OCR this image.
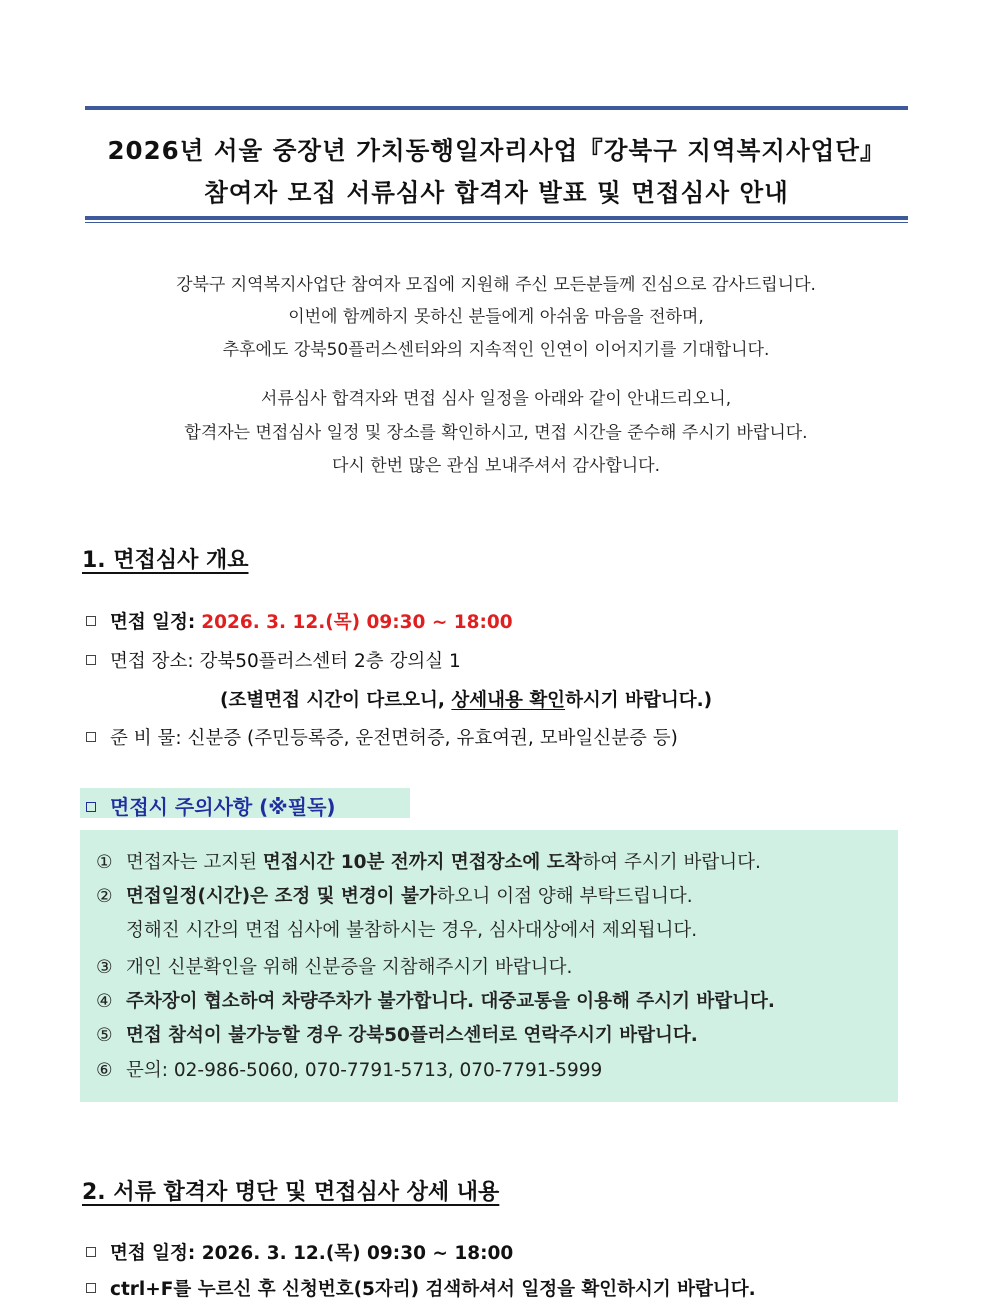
2026년 서울 중장년 가치동행일자리사업『강북구 지역복지사업단』
참여자 모집 서류심사 합격자 발표 및 면접심사 안내
강북구 지역복지사업단 참여자 모집에 지원해 주신 모든분들께 진심으로 감사드립니다.
이번에 함께하지 못하신 분들에게 아쉬움 마음을 전하며,
추후에도 강북50플러스센터와의 지속적인 인연이 이어지기를 기대합니다.
서류심사 합격자와 면접 심사 일정을 아래와 같이 안내드리오니,
합격자는 면접심사 일정 및 장소를 확인하시고, 면접 시간을 준수해 주시기 바랍니다.
다시 한번 많은 관심 보내주셔서 감사합니다.
1. 면접심사 개요
면접 일정: 2026. 3. 12.(목) 09:30 ~ 18:00
면접 장소: 강북50플러스센터 2층 강의실 1
(조별면접 시간이 다르오니, 상세내용 확인하시기 바랍니다.)
준 비 물: 신분증 (주민등록증, 운전면허증, 유효여권, 모바일신분증 등)
면접시 주의사항 (※필독)
① 면접자는 고지된 면접시간 10분 전까지 면접장소에 도착하여 주시기 바랍니다.
② 면접일정(시간)은 조정 및 변경이 불가하오니 이점 양해 부탁드립니다.
정해진 시간의 면접 심사에 불참하시는 경우, 심사대상에서 제외됩니다.
③ 개인 신분확인을 위해 신분증을 지참해주시기 바랍니다.
④ 주차장이 협소하여 차량주차가 불가합니다. 대중교통을 이용해 주시기 바랍니다.
⑤ 면접 참석이 불가능할 경우 강북50플러스센터로 연락주시기 바랍니다.
⑥ 문의: 02-986-5060, 070-7791-5713, 070-7791-5999
2. 서류 합격자 명단 및 면접심사 상세 내용
면접 일정: 2026. 3. 12.(목) 09:30 ~ 18:00
ctrl+F를 누르신 후 신청번호(5자리) 검색하셔서 일정을 확인하시기 바랍니다.
